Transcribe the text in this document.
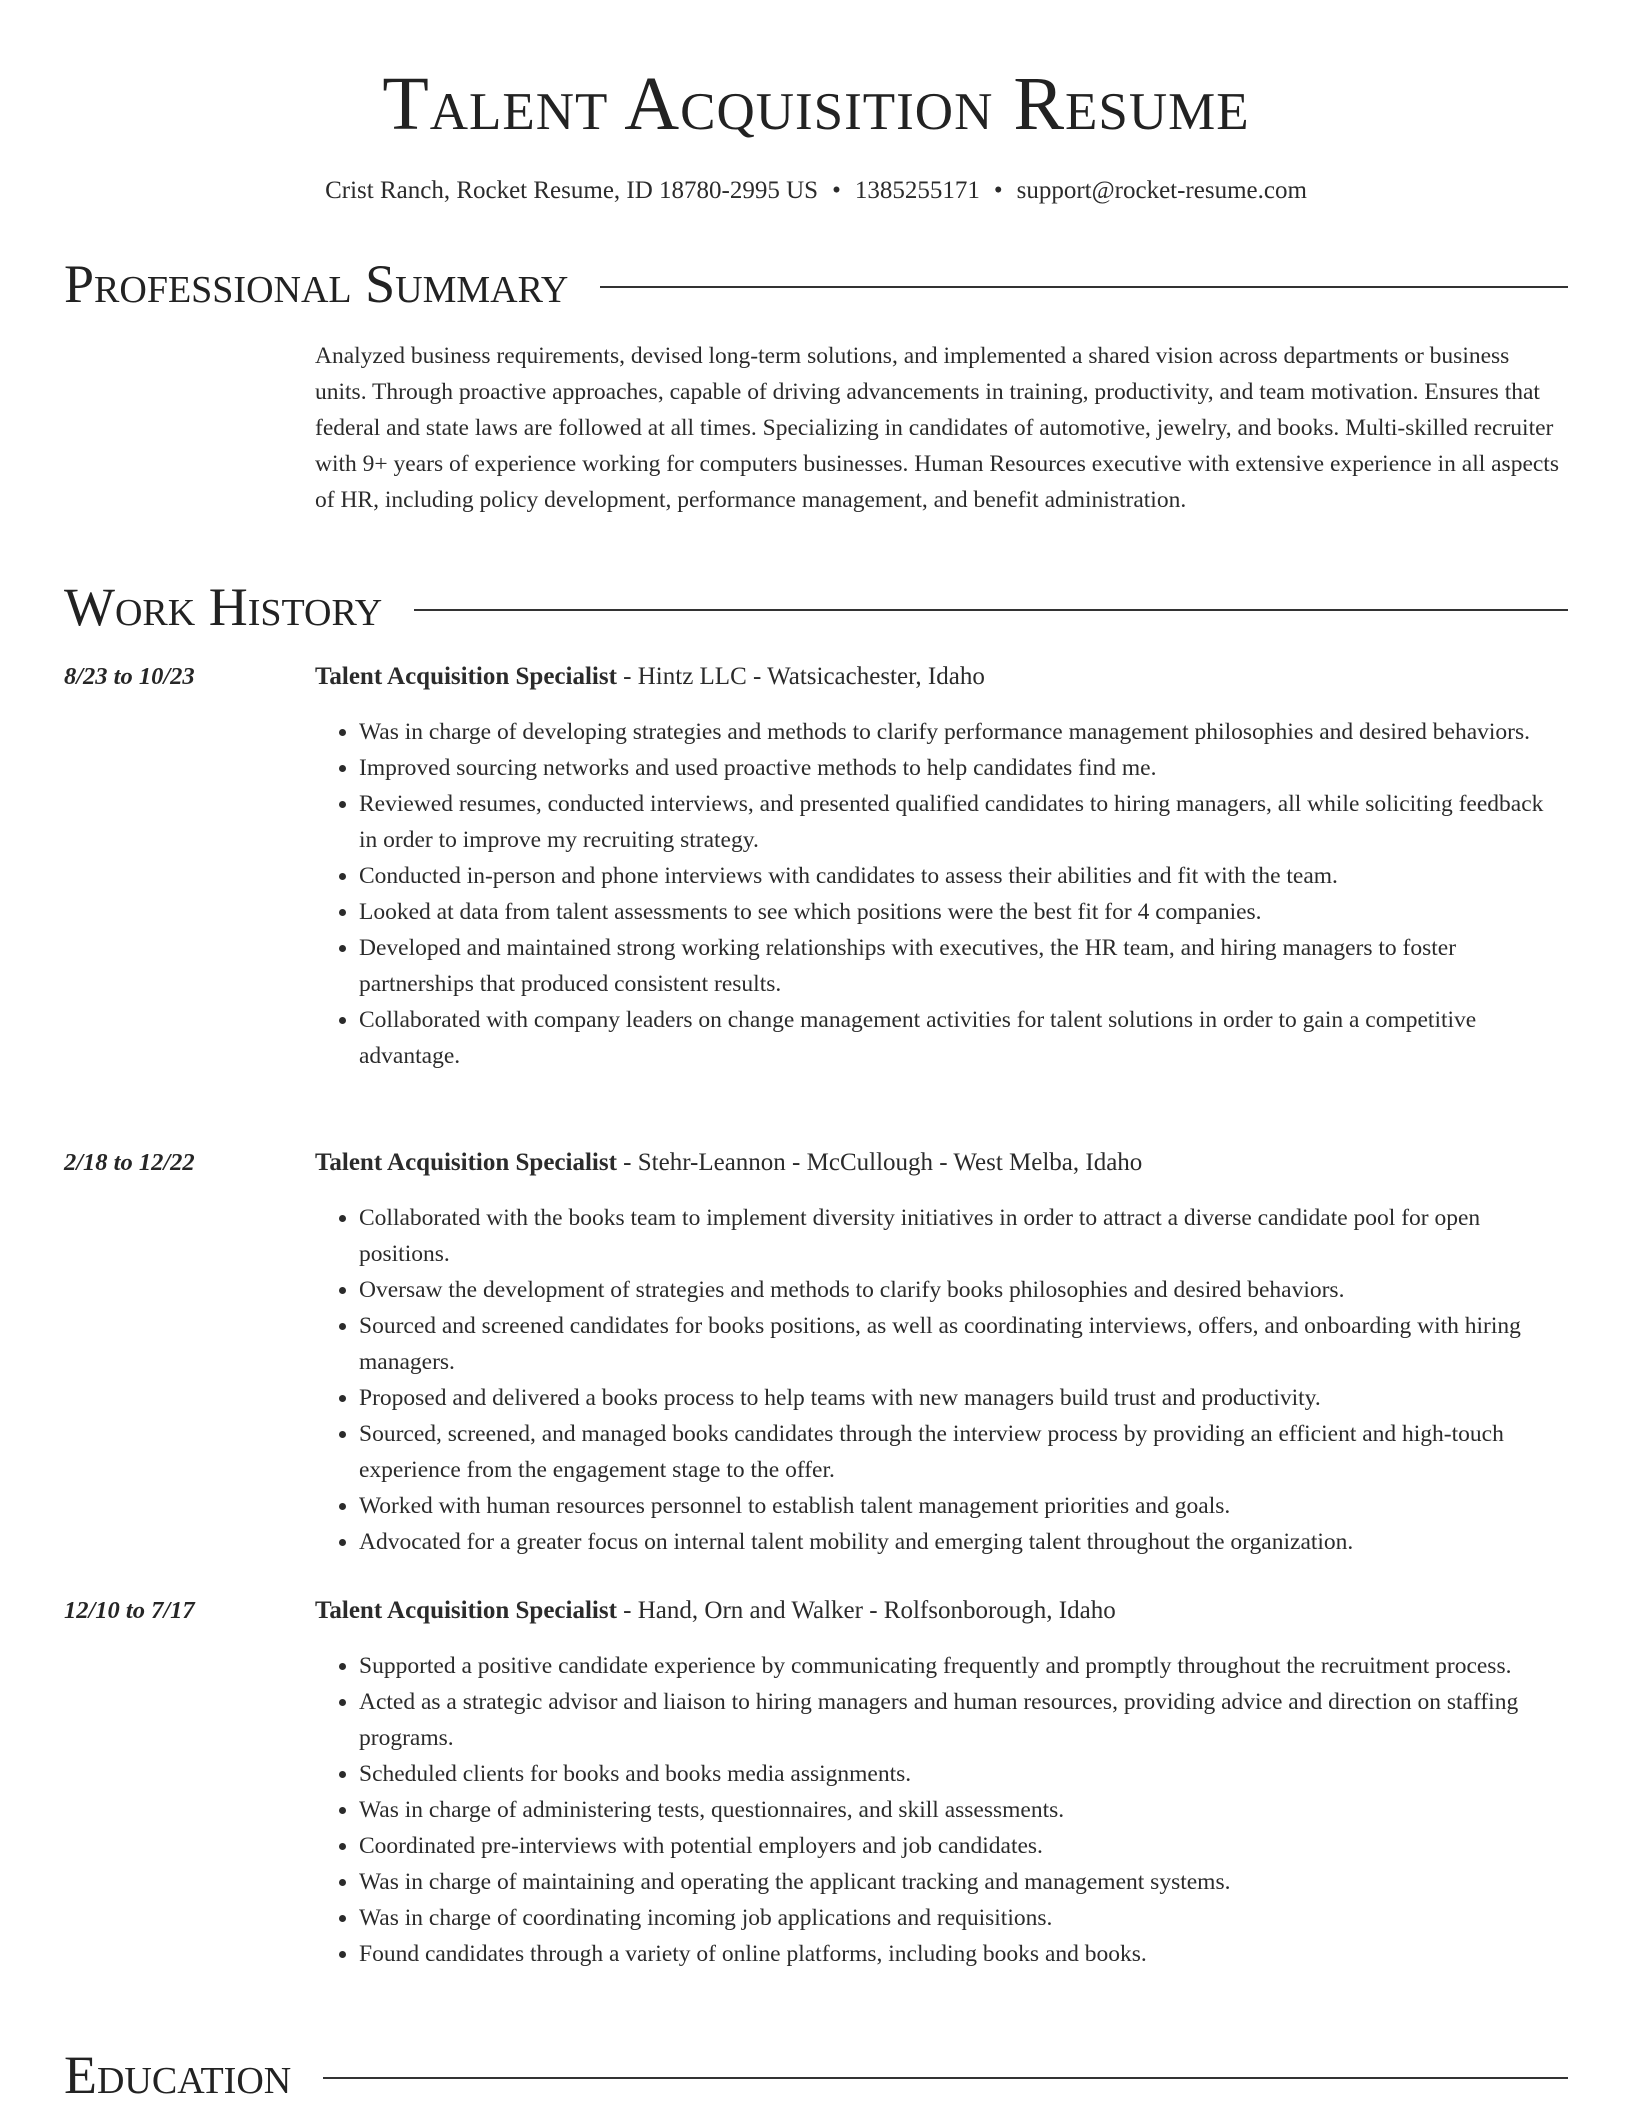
Talent Acquisition Resume
Crist Ranch, Rocket Resume, ID 18780-2995 US • 1385255171 • support@rocket-resume.com
Professional Summary

Analyzed business requirements, devised long-term solutions, and implemented a shared vision across departments or business units. Through proactive approaches, capable of driving advancements in training, productivity, and team motivation. Ensures that federal and state laws are followed at all times. Specializing in candidates of automotive, jewelry, and books. Multi-skilled recruiter with 9+ years of experience working for computers businesses. Human Resources executive with extensive experience in all aspects of HR, including policy development, performance management, and benefit administration.

Work History
8/23 to 10/23	Talent Acquisition Specialist - Hintz LLC - Watsicachester, Idaho
• Was in charge of developing strategies and methods to clarify performance management philosophies and desired behaviors.
• Improved sourcing networks and used proactive methods to help candidates find me.
• Reviewed resumes, conducted interviews, and presented qualified candidates to hiring managers, all while soliciting feedback in order to improve my recruiting strategy.
• Conducted in-person and phone interviews with candidates to assess their abilities and fit with the team.
• Looked at data from talent assessments to see which positions were the best fit for 4 companies.
• Developed and maintained strong working relationships with executives, the HR team, and hiring managers to foster partnerships that produced consistent results.
• Collaborated with company leaders on change management activities for talent solutions in order to gain a competitive advantage.
2/18 to 12/22	Talent Acquisition Specialist - Stehr-Leannon - McCullough - West Melba, Idaho
• Collaborated with the books team to implement diversity initiatives in order to attract a diverse candidate pool for open positions.
• Oversaw the development of strategies and methods to clarify books philosophies and desired behaviors.
• Sourced and screened candidates for books positions, as well as coordinating interviews, offers, and onboarding with hiring managers.
• Proposed and delivered a books process to help teams with new managers build trust and productivity.
• Sourced, screened, and managed books candidates through the interview process by providing an efficient and high-touch experience from the engagement stage to the offer.
• Worked with human resources personnel to establish talent management priorities and goals.
• Advocated for a greater focus on internal talent mobility and emerging talent throughout the organization.
12/10 to 7/17	Talent Acquisition Specialist - Hand, Orn and Walker - Rolfsonborough, Idaho
• Supported a positive candidate experience by communicating frequently and promptly throughout the recruitment process.
• Acted as a strategic advisor and liaison to hiring managers and human resources, providing advice and direction on staffing programs.
• Scheduled clients for books and books media assignments.
• Was in charge of administering tests, questionnaires, and skill assessments.
• Coordinated pre-interviews with potential employers and job candidates.
• Was in charge of maintaining and operating the applicant tracking and management systems.
• Was in charge of coordinating incoming job applications and requisitions.
• Found candidates through a variety of online platforms, including books and books.
Education
